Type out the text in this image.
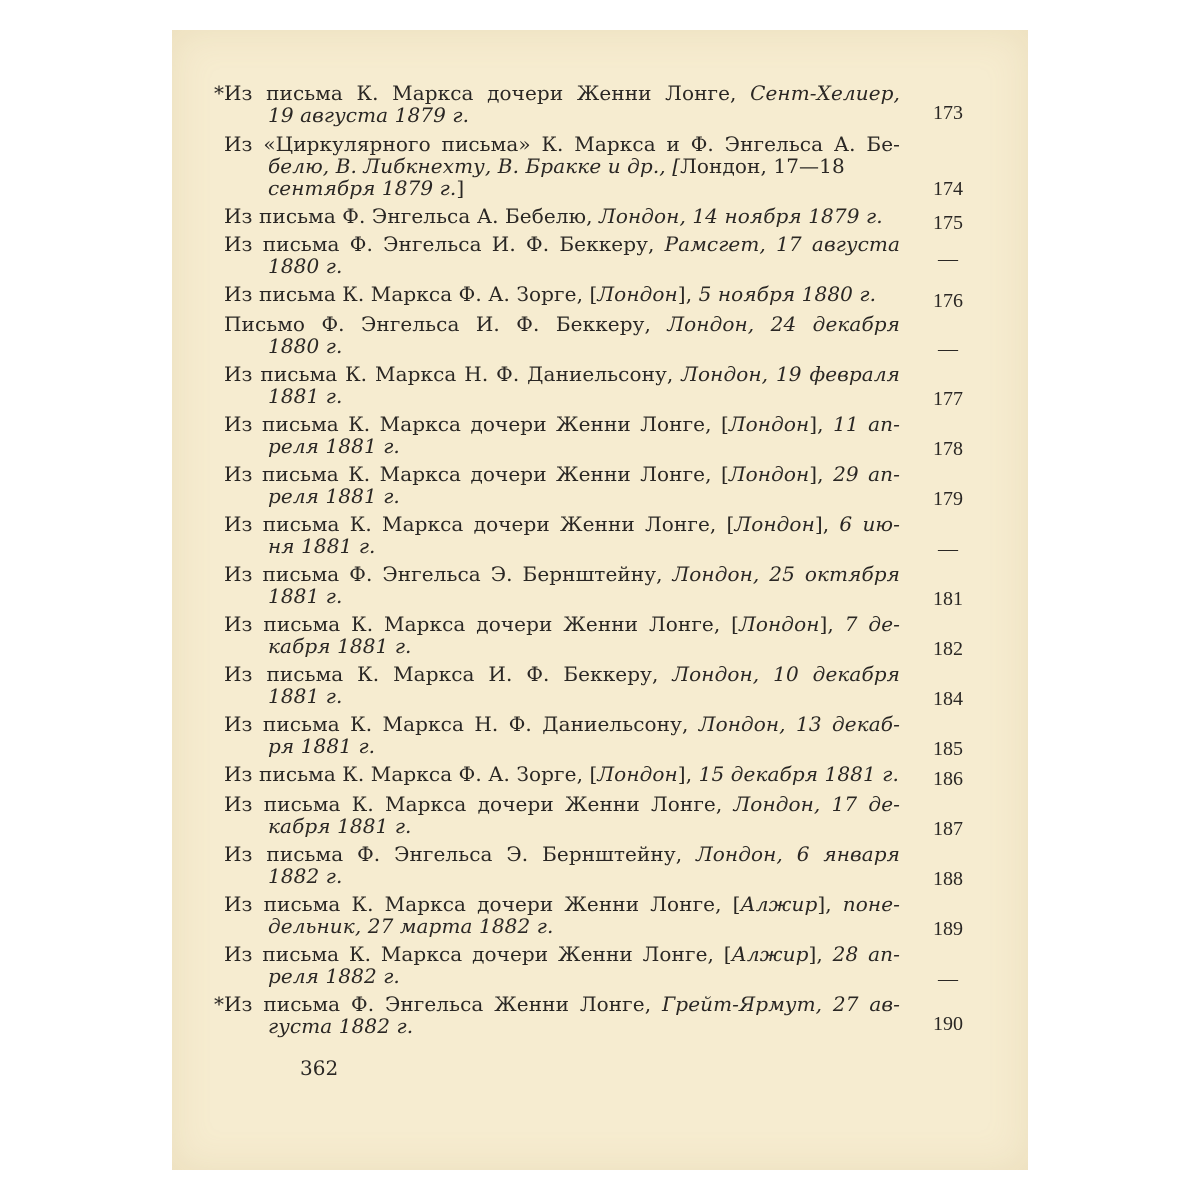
* Из письма К. Маркса дочери Женни Лонге, Сент-Хелиер,
19 августа 1879 г.	173
Из «Циркулярного письма» К. Маркса и Ф. Энгельса А. Бе-
белю, В. Либкнехту, В. Бракке и др., [Лондон, 17—18
сентября 1879 г.]	174
Из письма Ф. Энгельса А. Бебелю, Лондон, 14 ноября 1879 г.	175
Из письма Ф. Энгельса И. Ф. Беккеру, Рамсгет, 17 августа
1880 г.	—
Из письма К. Маркса Ф. А. Зорге, [Лондон], 5 ноября 1880 г.	176
Письмо Ф. Энгельса И. Ф. Беккеру, Лондон, 24 декабря
1880 г.	—
Из письма К. Маркса Н. Ф. Даниельсону, Лондон, 19 февраля
1881 г.	177
Из письма К. Маркса дочери Женни Лонге, [Лондон], 11 ап-
реля 1881 г.	178
Из письма К. Маркса дочери Женни Лонге, [Лондон], 29 ап-
реля 1881 г.	179
Из письма К. Маркса дочери Женни Лонге, [Лондон], 6 ию-
ня 1881 г.	—
Из письма Ф. Энгельса Э. Бернштейну, Лондон, 25 октября
1881 г.	181
Из письма К. Маркса дочери Женни Лонге, [Лондон], 7 де-
кабря 1881 г.	182
Из письма К. Маркса И. Ф. Беккеру, Лондон, 10 декабря
1881 г.	184
Из письма К. Маркса Н. Ф. Даниельсону, Лондон, 13 декаб-
ря 1881 г.	185
Из письма К. Маркса Ф. А. Зорге, [Лондон], 15 декабря 1881 г.	186
Из письма К. Маркса дочери Женни Лонге, Лондон, 17 де-
кабря 1881 г.	187
Из письма Ф. Энгельса Э. Бернштейну, Лондон, 6 января
1882 г.	188
Из письма К. Маркса дочери Женни Лонге, [Алжир], поне-
дельник, 27 марта 1882 г.	189
Из письма К. Маркса дочери Женни Лонге, [Алжир], 28 ап-
реля 1882 г.	—
* Из письма Ф. Энгельса Женни Лонге, Грейт-Ярмут, 27 ав-
густа 1882 г.	190
362
